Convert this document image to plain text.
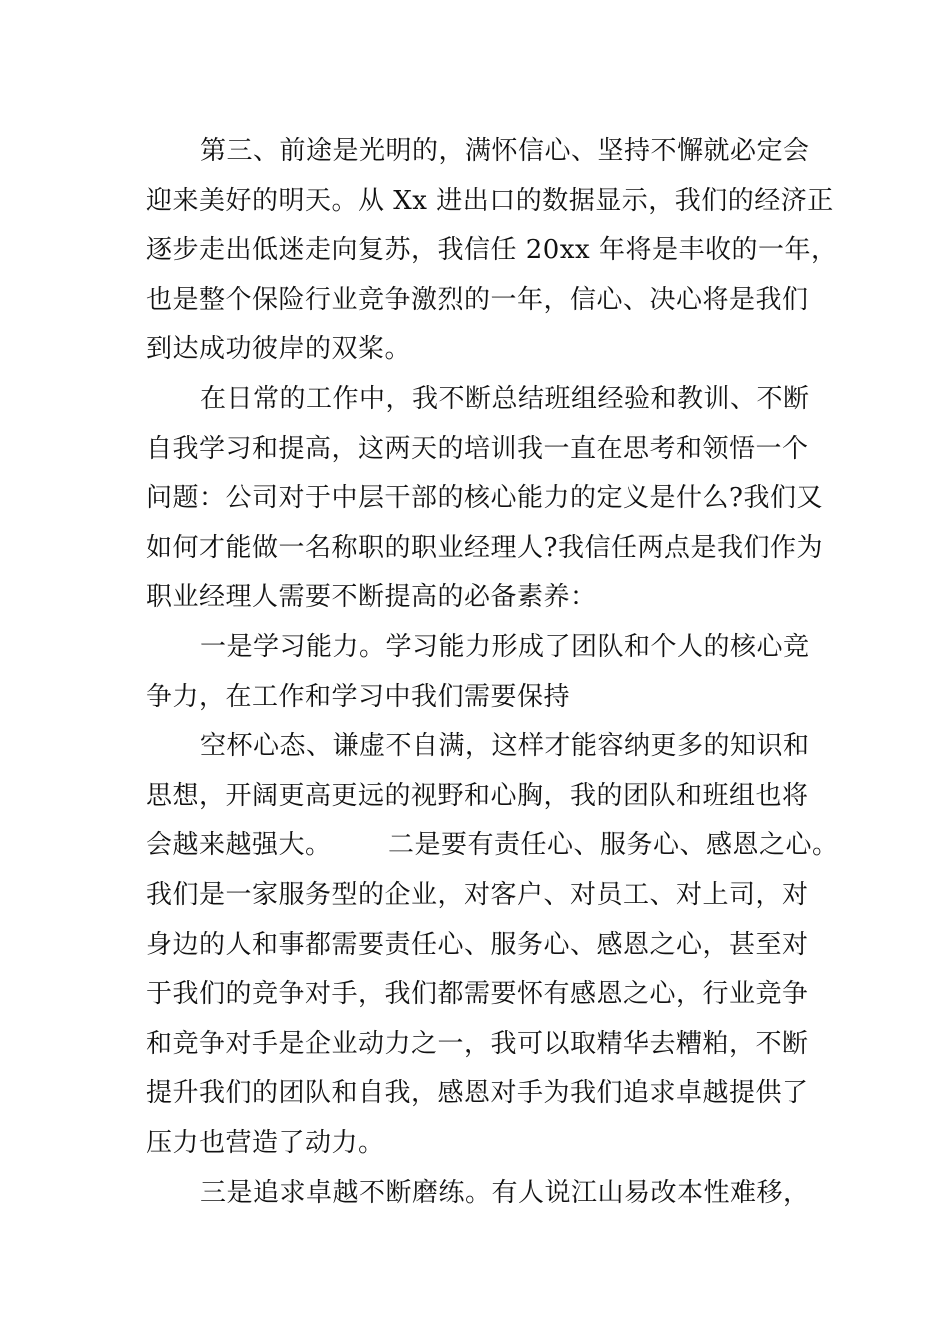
第三、前途是光明的，满怀信心、坚持不懈就必定会
迎来美好的明天。从 Xx 进出口的数据显示，我们的经济正
逐步走出低迷走向复苏，我信任 20xx 年将是丰收的一年，
也是整个保险行业竞争激烈的一年，信心、决心将是我们
到达成功彼岸的双桨。
在日常的工作中，我不断总结班组经验和教训、不断
自我学习和提高，这两天的培训我一直在思考和领悟一个
问题：公司对于中层干部的核心能力的定义是什么?我们又
如何才能做一名称职的职业经理人?我信任两点是我们作为
职业经理人需要不断提高的必备素养：
一是学习能力。学习能力形成了团队和个人的核心竞
争力，在工作和学习中我们需要保持
空杯心态、谦虚不自满，这样才能容纳更多的知识和
思想，开阔更高更远的视野和心胸，我的团队和班组也将
会越来越强大。 二是要有责任心、服务心、感恩之心。
我们是一家服务型的企业，对客户、对员工、对上司，对
身边的人和事都需要责任心、服务心、感恩之心，甚至对
于我们的竞争对手，我们都需要怀有感恩之心，行业竞争
和竞争对手是企业动力之一，我可以取精华去糟粕，不断
提升我们的团队和自我，感恩对手为我们追求卓越提供了
压力也营造了动力。
三是追求卓越不断磨练。有人说江山易改本性难移，
